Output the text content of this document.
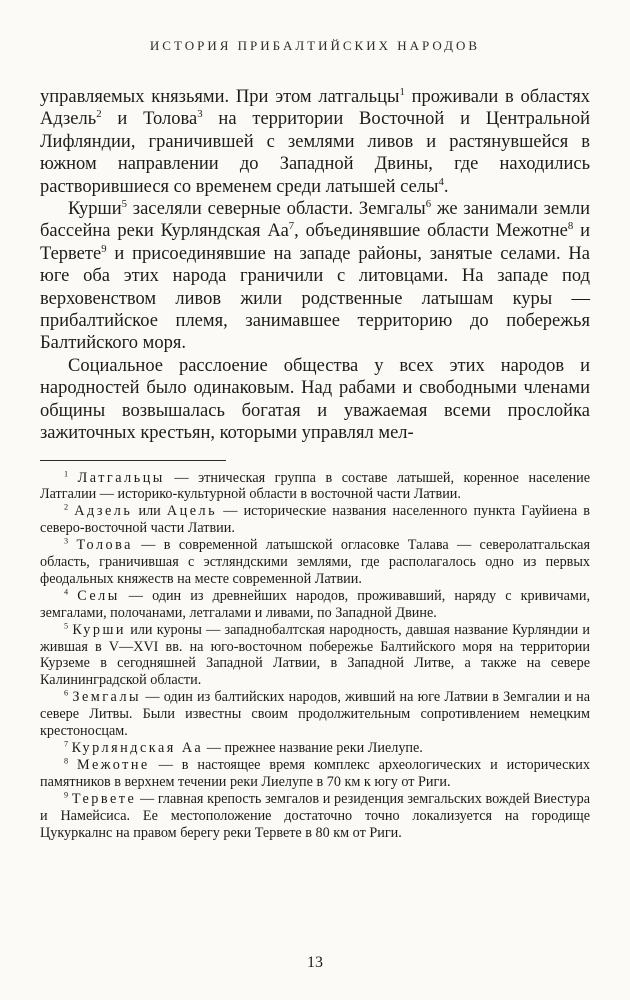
ИСТОРИЯ ПРИБАЛТИЙСКИХ НАРОДОВ

управляемых князьями. При этом латгальцы$^1$ проживали в областях Адзель$^2$ и Толова$^3$ на территории Восточной и Центральной Лифляндии, граничившей с землями ливов и растянувшейся в южном направлении до Западной Двины, где находились растворившиеся со временем среди латышей селы$^4$.

Курши$^5$ заселяли северные области. Земгалы$^6$ же занимали земли бассейна реки Курляндская Аа$^7$, объединявшие области Межотне$^8$ и Тервете$^9$ и присоединявшие на западе районы, занятые селами. На юге оба этих народа граничили с литовцами. На западе под верховенством ливов жили родственные латышам куры — прибалтийское племя, занимавшее территорию до побережья Балтийского моря.

Социальное расслоение общества у всех этих народов и народностей было одинаковым. Над рабами и свободными членами общины возвышалась богатая и уважаемая всеми прослойка зажиточных крестьян, которыми управлял мел-

$^1$ Латгальцы — этническая группа в составе латышей, коренное население Латгалии — историко-культурной области в восточной части Латвии.

$^2$ Адзель или Ацель — исторические названия населенного пункта Гауйиена в северо-восточной части Латвии.

$^3$ Толова — в современной латышской огласовке Талава — северолатгальская область, граничившая с эстляндскими землями, где располагалось одно из первых феодальных княжеств на месте современной Латвии.

$^4$ Селы — один из древнейших народов, проживавший, наряду с кривичами, земгалами, полочанами, летгалами и ливами, по Западной Двине.

$^5$ Курши или куроны — западнобалтская народность, давшая название Курляндии и жившая в V—XVI вв. на юго-восточном побережье Балтийского моря на территории Курземе в сегодняшней Западной Латвии, в Западной Литве, а также на севере Калининградской области.

$^6$ Земгалы — один из балтийских народов, живший на юге Латвии в Земгалии и на севере Литвы. Были известны своим продолжительным сопротивлением немецким крестоносцам.

$^7$ Курляндская Аа — прежнее название реки Лиелупе.

$^8$ Межотне — в настоящее время комплекс археологических и исторических памятников в верхнем течении реки Лиелупе в 70 км к югу от Риги.

$^9$ Тервете — главная крепость земгалов и резиденция земгальских вождей Виестура и Намейсиса. Ее местоположение достаточно точно локализуется на городище Цукуркалнс на правом берегу реки Тервете в 80 км от Риги.

13
